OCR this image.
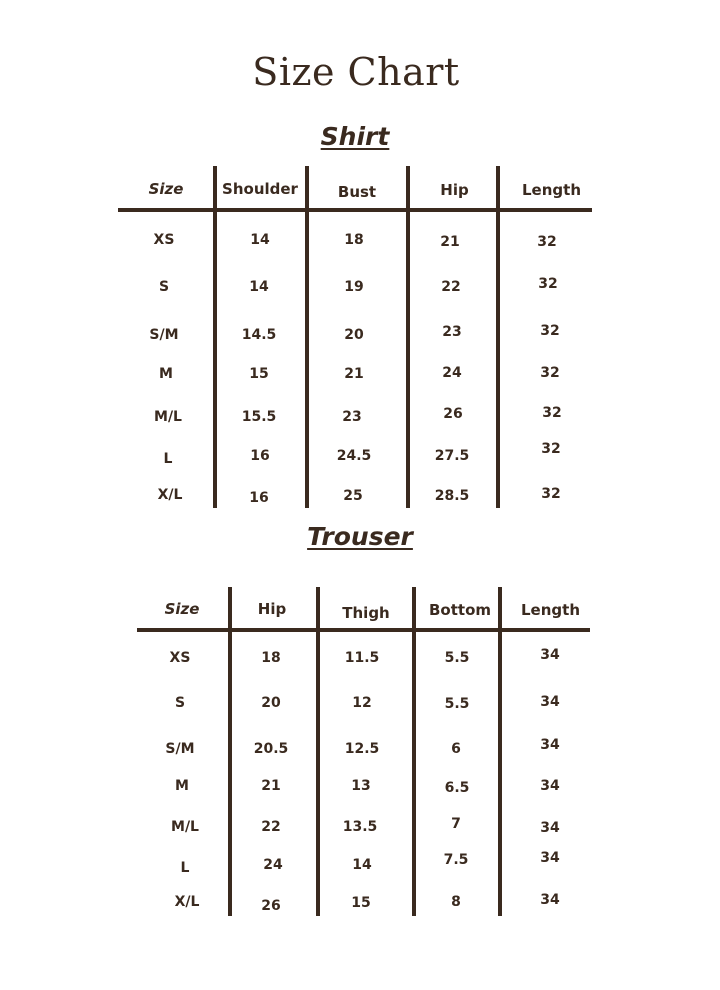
Size Chart
Shirt
Size	Shoulder	Bust	Hip	Length
XS	14	18	21	32
S	14	19	22	32
S/M	14.5	20	23	32
M	15	21	24	32
M/L	15.5	23	26	32
L	16	24.5	27.5	32
X/L	16	25	28.5	32
Trouser
Size	Hip	Thigh	Bottom	Length
XS	18	11.5	5.5	34
S	20	12	5.5	34
S/M	20.5	12.5	6	34
M	21	13	6.5	34
M/L	22	13.5	7	34
L	24	14	7.5	34
X/L	26	15	8	34
